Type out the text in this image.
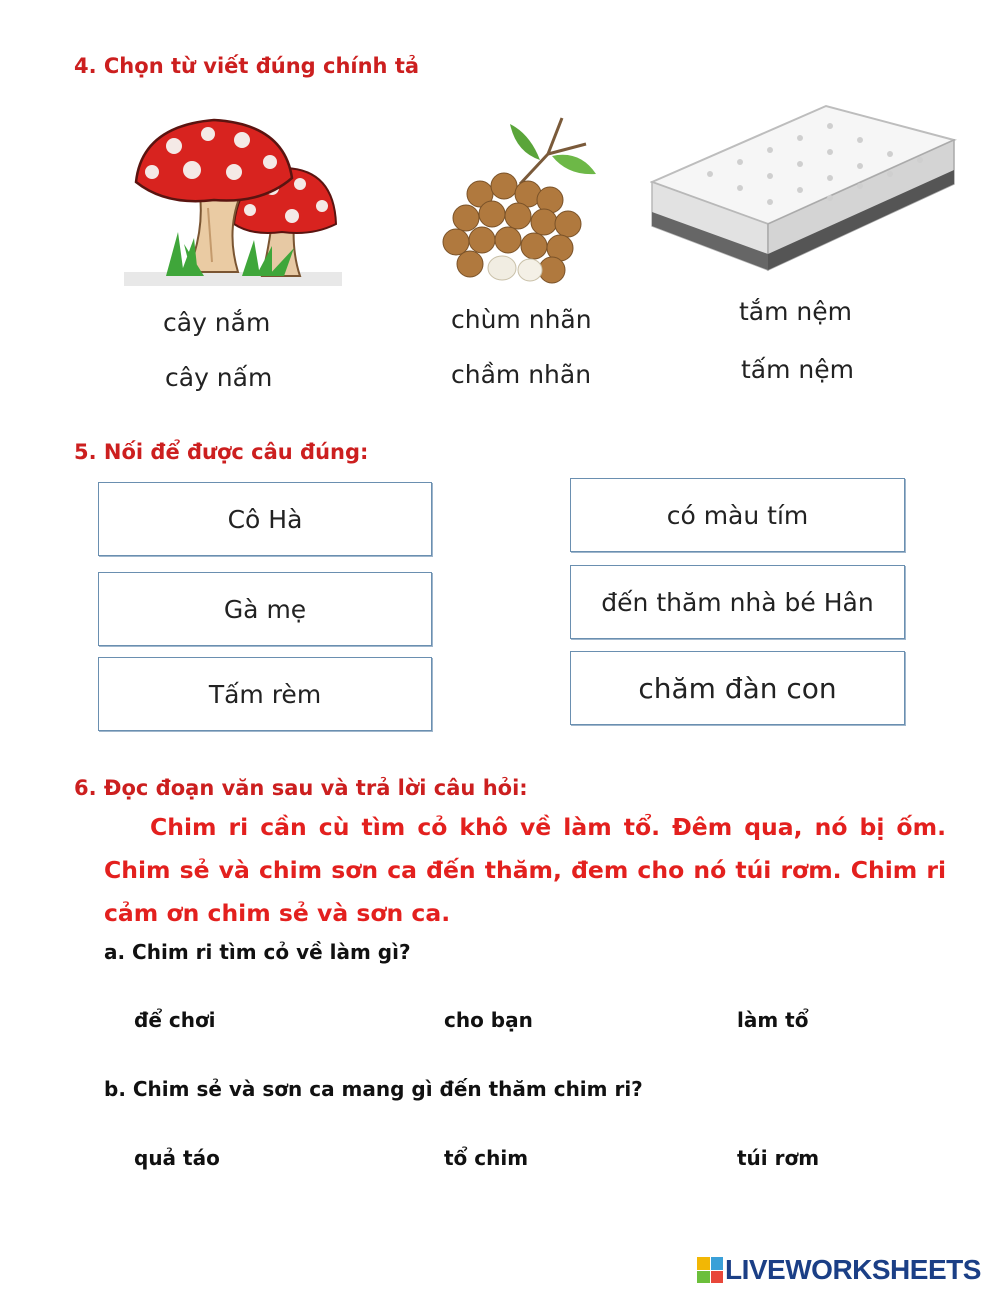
4. Chọn từ viết đúng chính tả
cây nắm
cây nấm
chùm nhãn
chầm nhãn
tắm nệm
tấm nệm
5. Nối để được câu đúng:
Cô Hà
Gà mẹ
Tấm rèm
có màu tím
đến thăm nhà bé Hân
chăm đàn con
6. Đọc đoạn văn sau và trả lời câu hỏi:
Chim ri cần cù tìm cỏ khô về làm tổ. Đêm qua, nó bị ốm. Chim sẻ và chim sơn ca đến thăm, đem cho nó túi rơm. Chim ri cảm ơn chim sẻ và sơn ca.
a. Chim ri tìm cỏ về làm gì?
để chơi	cho bạn	làm tổ
b. Chim sẻ và sơn ca mang gì đến thăm chim ri?
quả táo	tổ chim	túi rơm
LIVEWORKSHEETS
